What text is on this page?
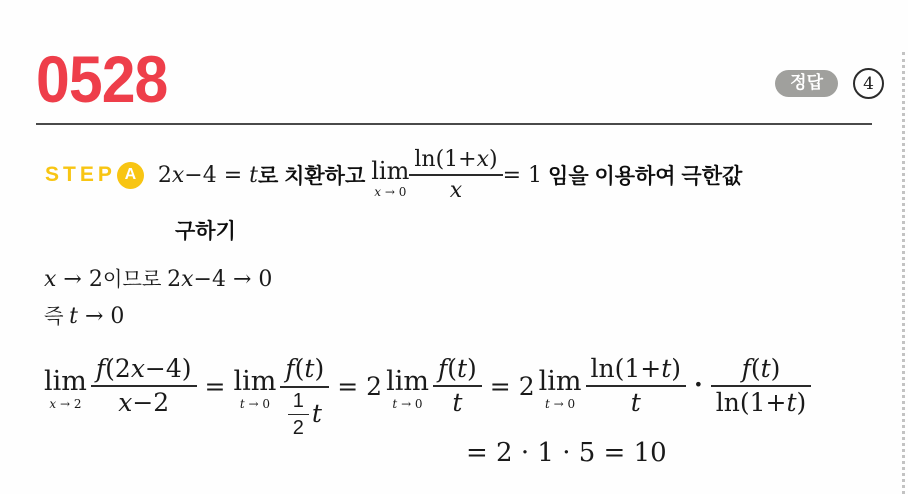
0528	정답	4
STEP A 2x−4 = t 로 치환하고 lim
$x \to 0 \frac{\ln(1+x)}{x} = 1$ 임을 이용하여 극한값
구하기
x → 2 이므로 2 x −4 → 0
즉 t → 0
lim
$x \to 2 \frac{f(2x-4)}{x-2} = \lim$
$t \to 0 \frac{f(t)}{\frac{1}{2} t} = 2$ lim
$t \to 0 \frac{f(t)}{t} = 2$ lim
$t \to 0 \frac{\ln(1+t)}{t} \cdot \frac{f(t)}{\ln(1+t)}$
= 2 · 1 · 5 = 10
